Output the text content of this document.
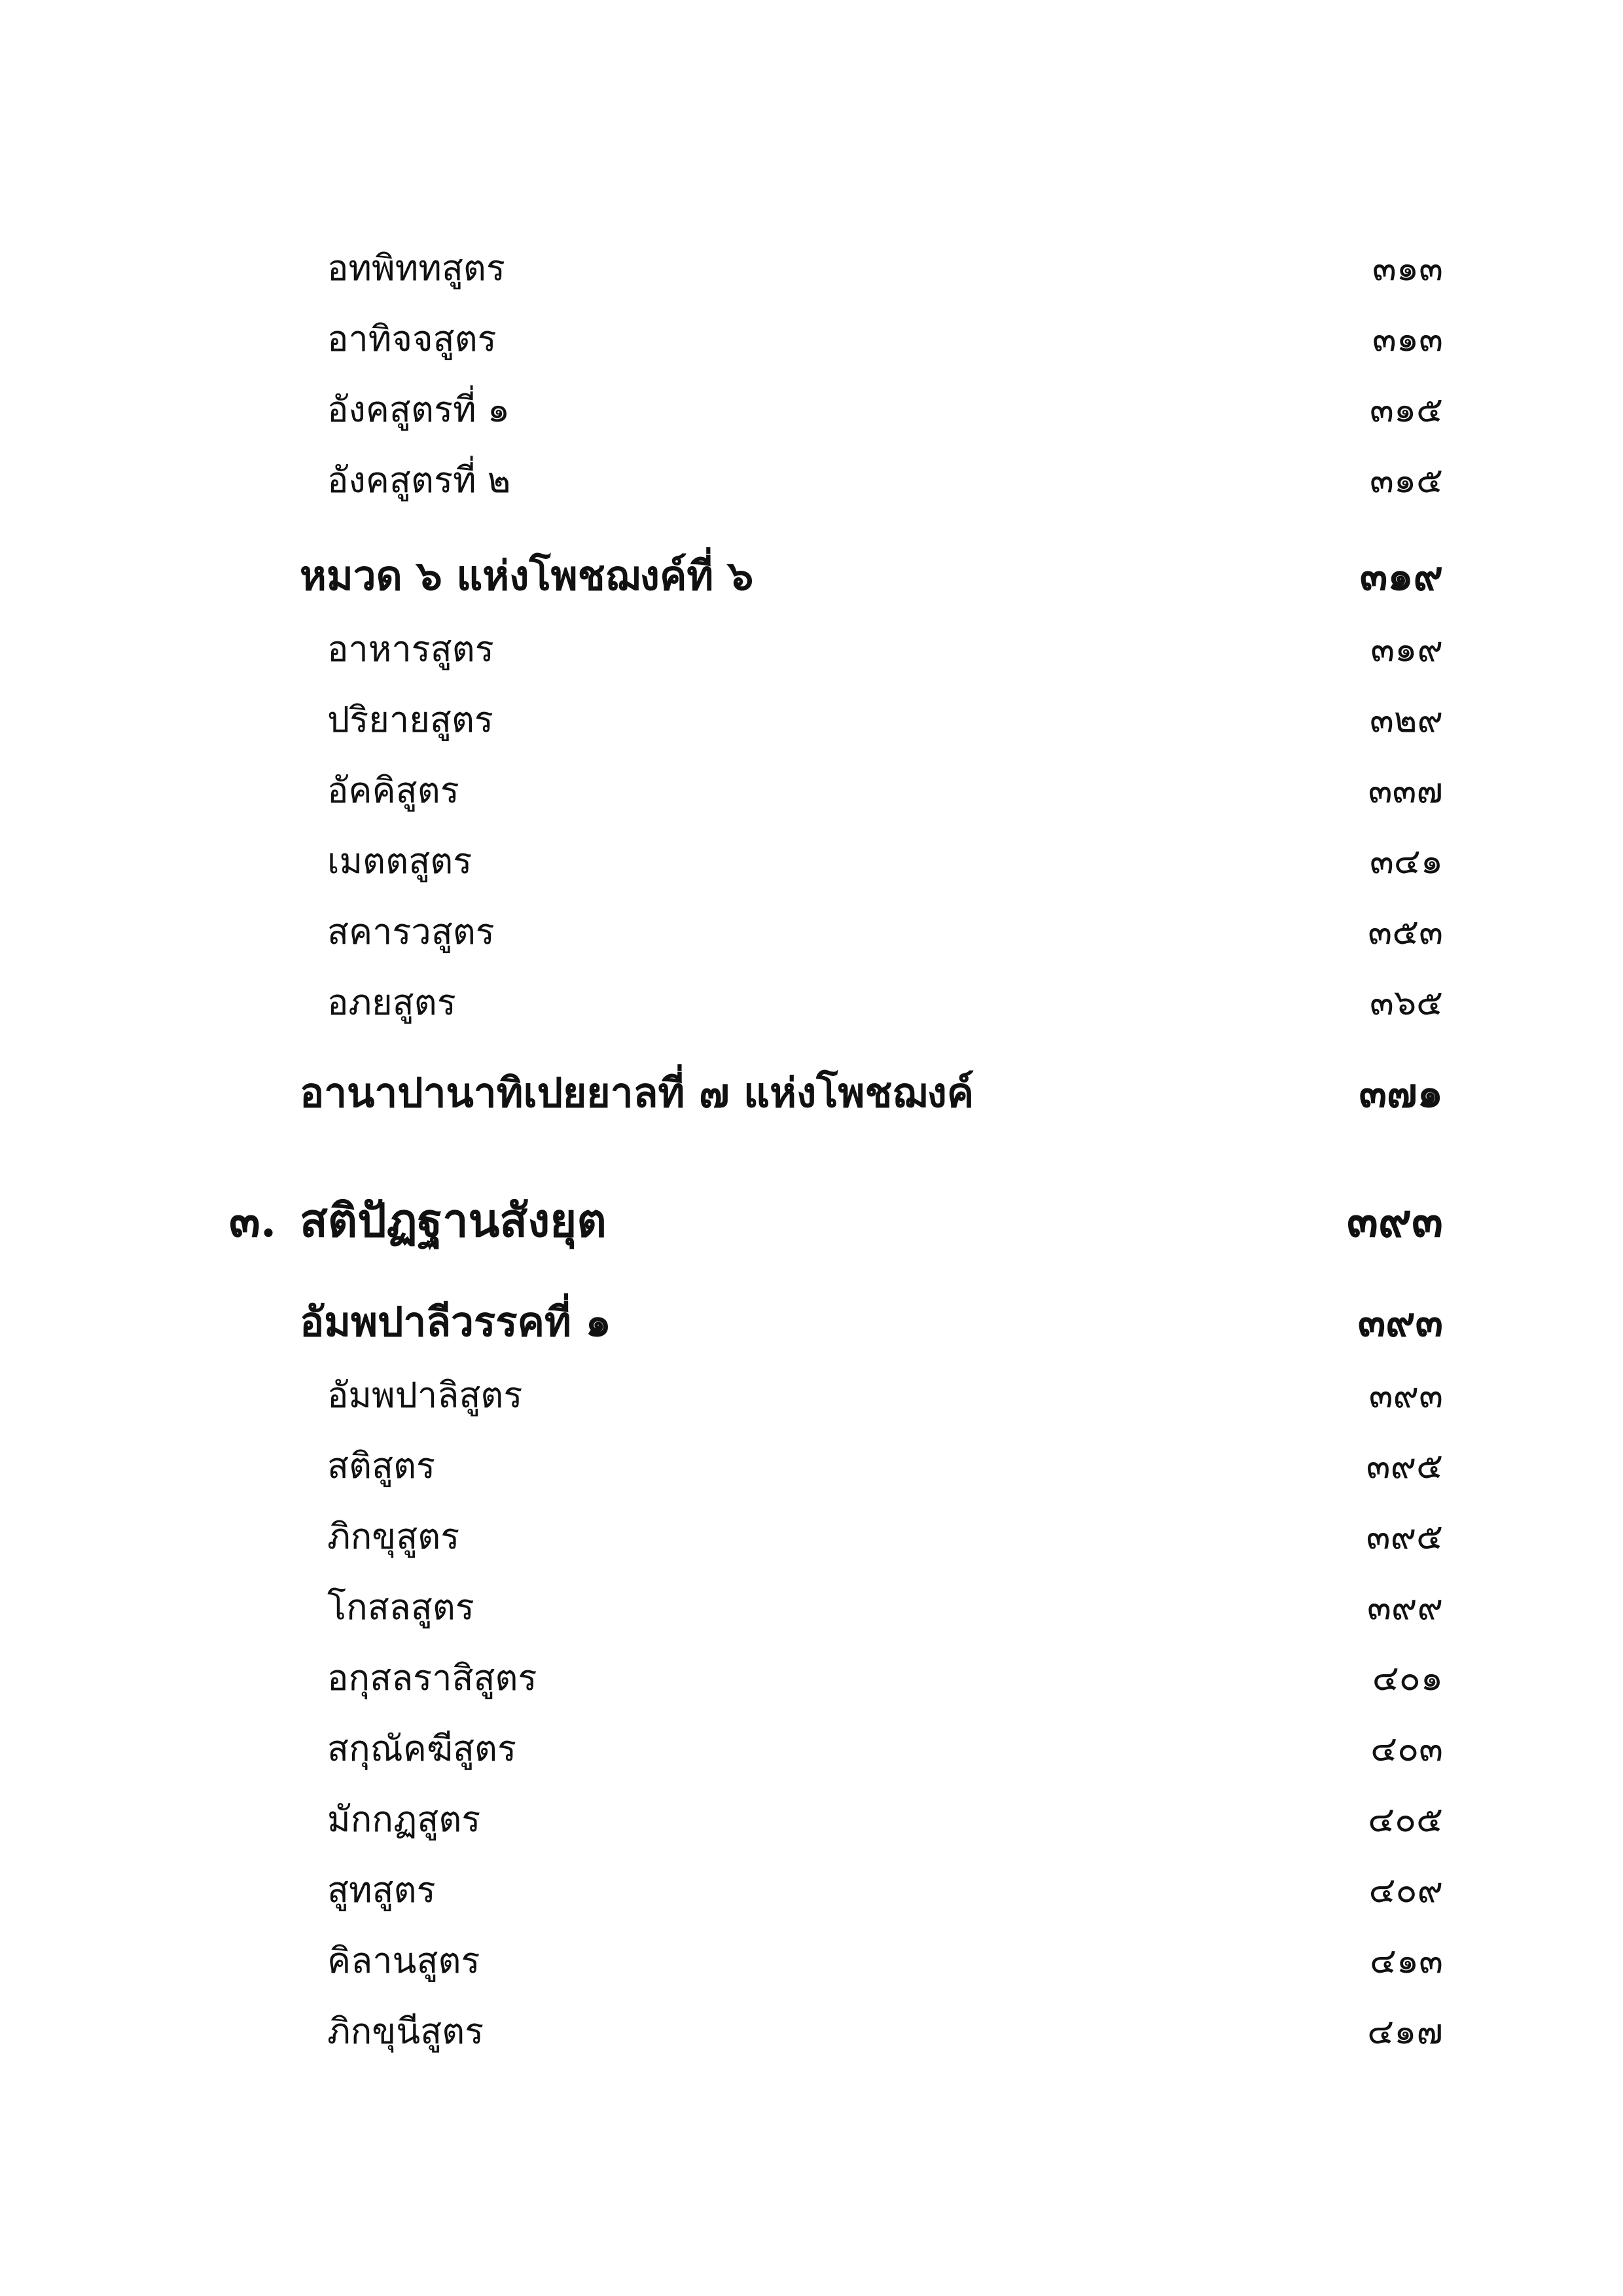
อทพิททสูตร	๓๑๓
อาทิจจสูตร	๓๑๓
อังคสูตรที่ ๑	๓๑๕
อังคสูตรที่ ๒	๓๑๕
หมวด ๖ แห่งโพชฌงค์ที่ ๖	๓๑๙
อาหารสูตร	๓๑๙
ปริยายสูตร	๓๒๙
อัคคิสูตร	๓๓๗
เมตตสูตร	๓๔๑
สคารวสูตร	๓๕๓
อภยสูตร	๓๖๕
อานาปานาทิเปยยาลที่ ๗ แห่งโพชฌงค์	๓๗๑
๓. สติปัฏฐานสังยุต	๓๙๓
อัมพปาลีวรรคที่ ๑	๓๙๓
อัมพปาลิสูตร	๓๙๓
สติสูตร	๓๙๕
ภิกขุสูตร	๓๙๕
โกสลสูตร	๓๙๙
อกุสลราสิสูตร	๔๐๑
สกุณัคฆีสูตร	๔๐๓
มักกฏสูตร	๔๐๕
สูทสูตร	๔๐๙
คิลานสูตร	๔๑๓
ภิกขุนีสูตร	๔๑๗
